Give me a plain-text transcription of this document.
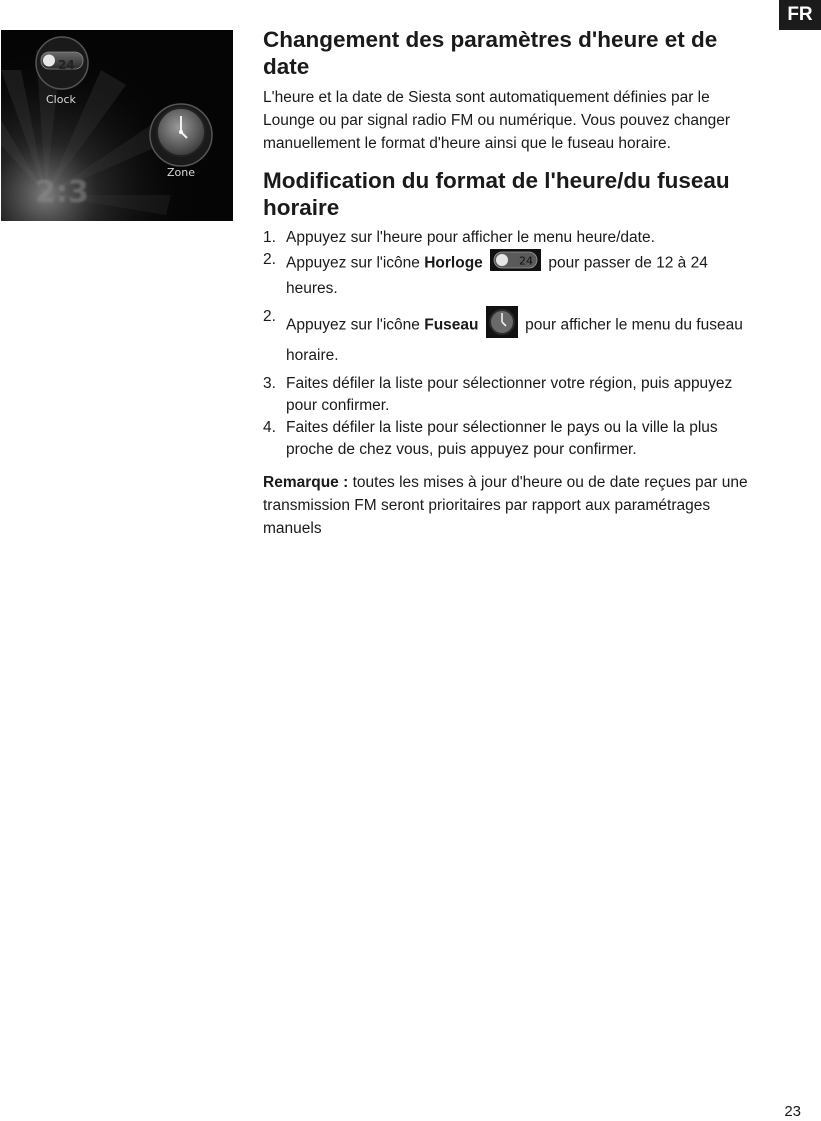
FR
24
Clock
Zone
2:3
Changement des paramètres d'heure et de date

L'heure et la date de Siesta sont automatiquement définies par le Lounge ou par signal radio FM ou numérique. Vous pouvez changer manuellement le format d'heure ainsi que le fuseau horaire.

Modification du format de l'heure/du fuseau horaire
1. Appuyez sur l'heure pour afficher le menu heure/date.
2. Appuyez sur l'icône Horloge	24 pour passer de 12 à 24 heures.
2.
Appuyez sur l'icône Fuseau	pour afficher le menu du fuseau horaire.
3. Faites défiler la liste pour sélectionner votre région, puis appuyez pour confirmer.
4. Faites défiler la liste pour sélectionner le pays ou la ville la plus proche de chez vous, puis appuyez pour confirmer.

Remarque : toutes les mises à jour d'heure ou de date reçues par une transmission FM seront prioritaires par rapport aux paramétrages manuels

23
